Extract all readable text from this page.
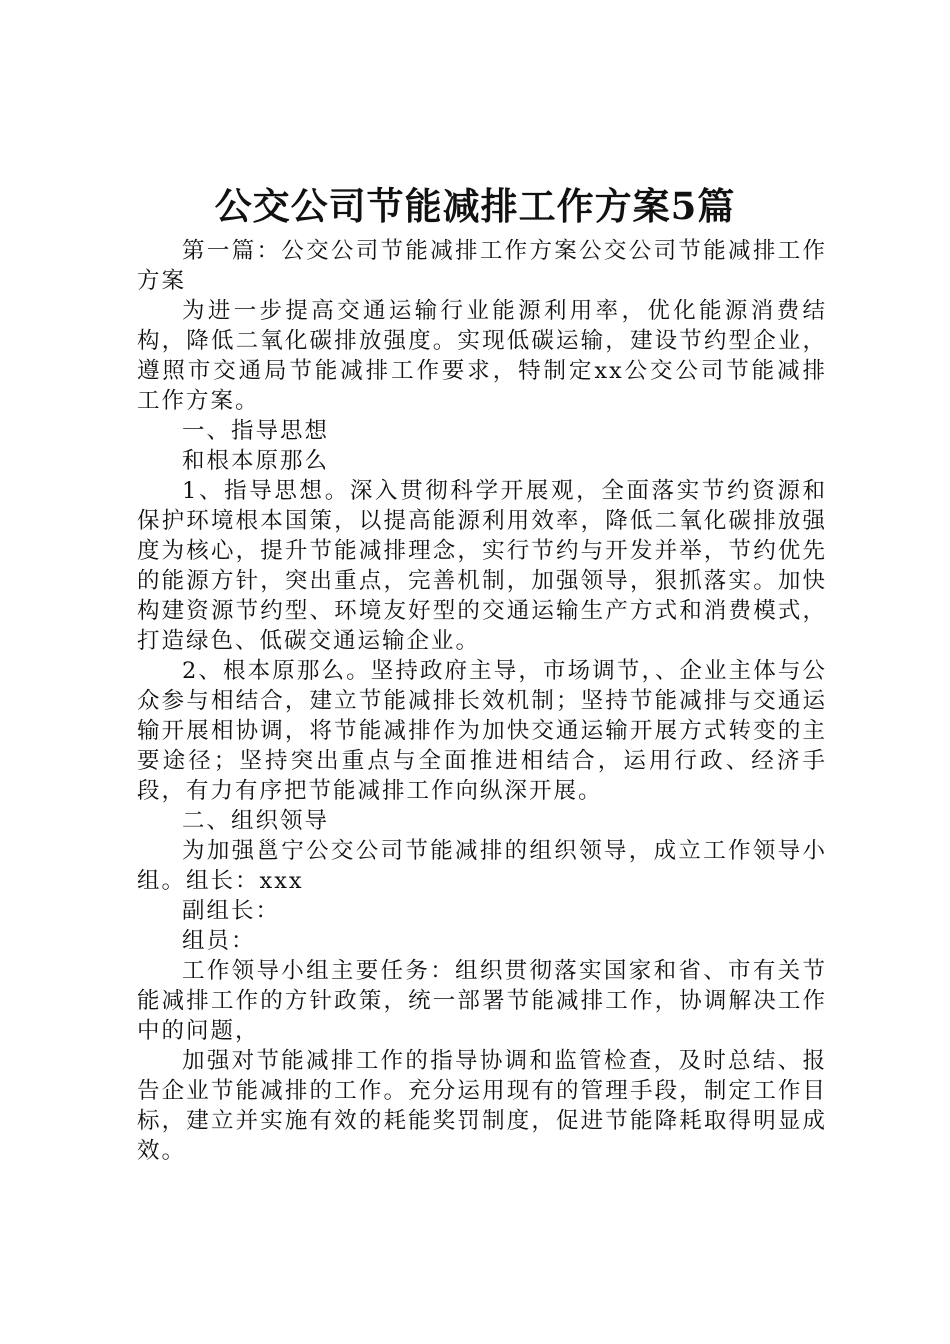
公交公司节能减排工作方案5篇

第一篇：公交公司节能减排工作方案公交公司节能减排工作方案

为进一步提高交通运输行业能源利用率，优化能源消费结构，降低二氧化碳排放强度。实现低碳运输，建设节约型企业，遵照市交通局节能减排工作要求，特制定xx公交公司节能减排工作方案。

一、指导思想

和根本原那么

1、指导思想。深入贯彻科学开展观，全面落实节约资源和保护环境根本国策，以提高能源利用效率，降低二氧化碳排放强度为核心，提升节能减排理念，实行节约与开发并举，节约优先的能源方针，突出重点，完善机制，加强领导，狠抓落实。加快构建资源节约型、环境友好型的交通运输生产方式和消费模式，打造绿色、低碳交通运输企业。

2、根本原那么。坚持政府主导，市场调节，、企业主体与公众参与相结合，建立节能减排长效机制；坚持节能减排与交通运输开展相协调，将节能减排作为加快交通运输开展方式转变的主要途径；坚持突出重点与全面推进相结合，运用行政、经济手段，有力有序把节能减排工作向纵深开展。

二、组织领导

为加强邕宁公交公司节能减排的组织领导，成立工作领导小组。组长：xxx

副组长：

组员：

工作领导小组主要任务：组织贯彻落实国家和省、市有关节能减排工作的方针政策，统一部署节能减排工作，协调解决工作中的问题，

加强对节能减排工作的指导协调和监管检查，及时总结、报告企业节能减排的工作。充分运用现有的管理手段，制定工作目标，建立并实施有效的耗能奖罚制度，促进节能降耗取得明显成效。
